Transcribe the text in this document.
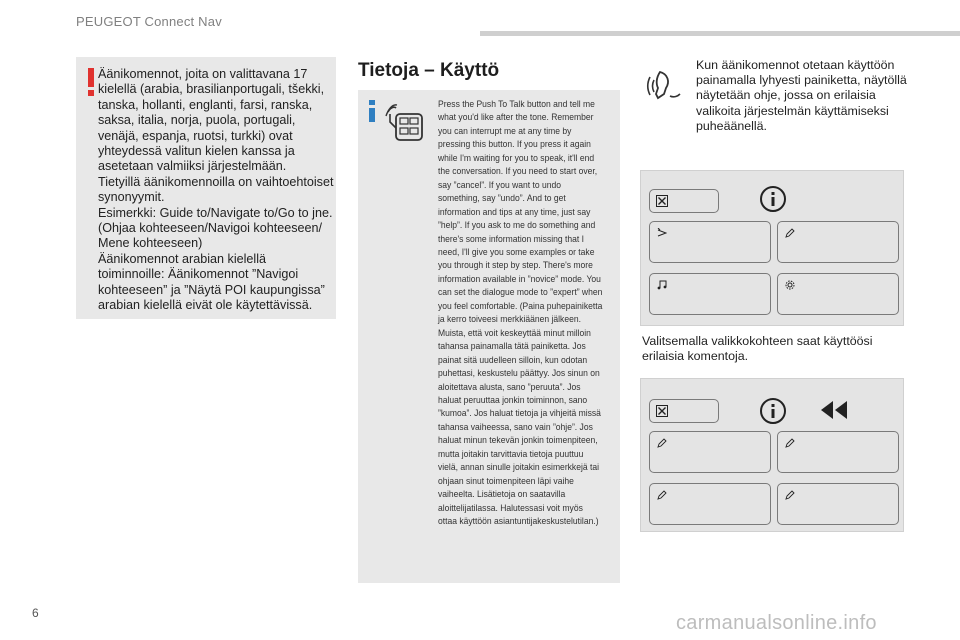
PEUGEOT Connect Nav
Äänikomennot, joita on valittavana 17 kielellä (arabia, brasilianportugali, tšekki, tanska, hollanti, englanti, farsi, ranska, saksa, italia, norja, puola, portugali, venäjä, espanja, ruotsi, turkki) ovat yhteydessä valitun kielen kanssa ja asetetaan valmiiksi järjestelmään.
Tietyillä äänikomennoilla on vaihtoehtoiset synonyymit.
Esimerkki: Guide to/Navigate to/Go to jne. (Ohjaa kohteeseen/Navigoi kohteeseen/ Mene kohteeseen)
Äänikomennot arabian kielellä toiminnoille: Äänikomennot ”Navigoi kohteeseen” ja ”Näytä POI kaupungissa” arabian kielellä eivät ole käytettävissä.
Tietoja – Käyttö
Press the Push To Talk button and tell me what you'd like after the tone. Remember you can interrupt me at any time by pressing this button. If you press it again while I'm waiting for you to speak, it'll end the conversation. If you need to start over, say ”cancel”. If you want to undo something, say ”undo”. And to get information and tips at any time, just say ”help”. If you ask to me do something and there's some information missing that I need, I'll give you some examples or take you through it step by step. There's more information available in ”novice” mode. You can set the dialogue mode to ”expert” when you feel comfortable. (Paina puhepainiketta ja kerro toiveesi merkkiäänen jälkeen. Muista, että voit keskeyttää minut milloin tahansa painamalla tätä painiketta. Jos painat sitä uudelleen silloin, kun odotan puhettasi, keskustelu päättyy. Jos sinun on aloitettava alusta, sano ”peruuta”. Jos haluat peruuttaa jonkin toiminnon, sano ”kumoa”. Jos haluat tietoja ja vihjeitä missä tahansa vaiheessa, sano vain ”ohje”. Jos haluat minun tekevän jonkin toimenpiteen, mutta joitakin tarvittavia tietoja puuttuu vielä, annan sinulle joitakin esimerkkejä tai ohjaan sinut toimenpiteen läpi vaihe vaiheelta. Lisätietoja on saatavilla aloittelijatilassa. Halutessasi voit myös ottaa käyttöön asiantuntijakeskustelutilan.)
Kun äänikomennot otetaan käyttöön painamalla lyhyesti painiketta, näytöllä näytetään ohje, jossa on erilaisia valikoita järjestelmän käyttämiseksi puheäänellä.
Valitsemalla valikkokohteen saat käyttöösi erilaisia komentoja.
6	carmanualsonline.info
